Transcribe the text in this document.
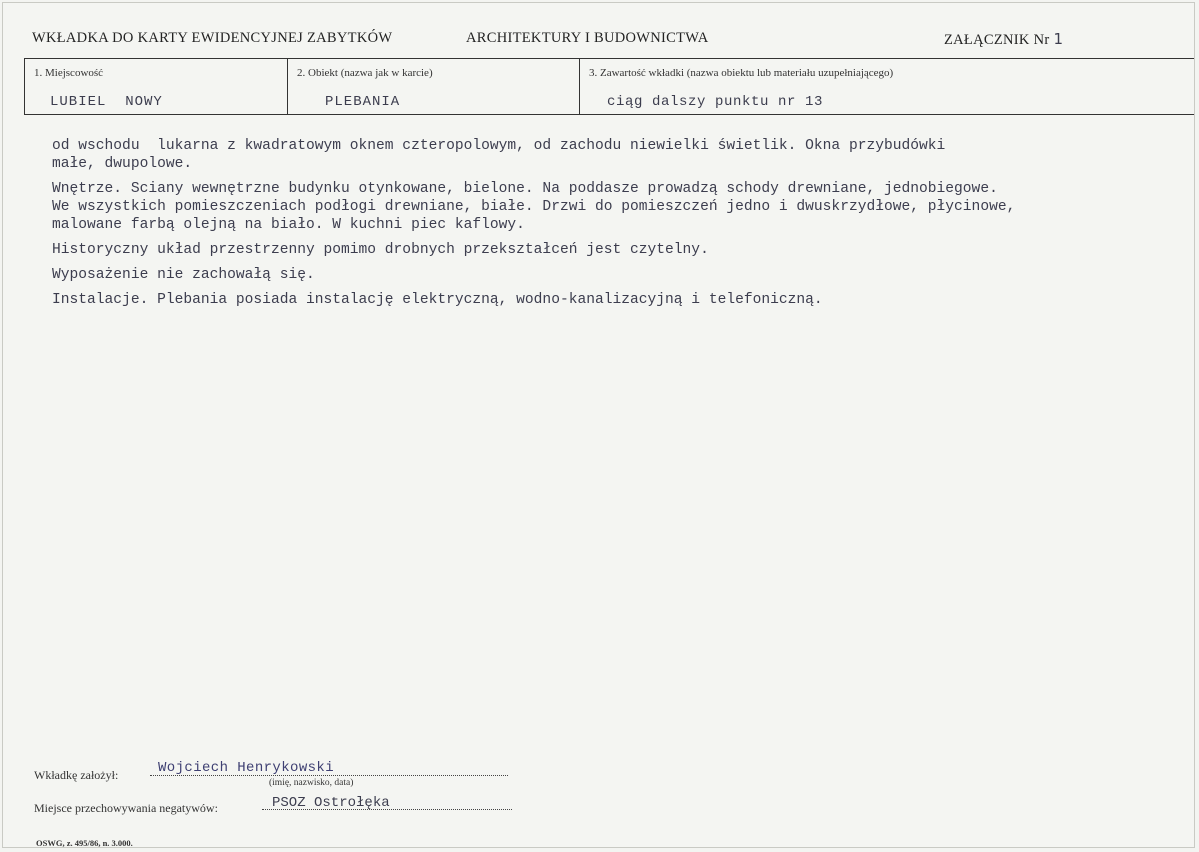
WKŁADKA DO KARTY EWIDENCYJNEJ ZABYTKÓW	ARCHITEKTURY I BUDOWNICTWA	ZAŁĄCZNIK Nr 1
1. Miejscowość	2. Obiekt (nazwa jak w karcie)	3. Zawartość wkładki (nazwa obiektu lub materiału uzupełniającego)
LUBIEL  NOWY	PLEBANIA	ciąg dalszy punktu nr 13

od wschodu  lukarna z kwadratowym oknem czteropolowym, od zachodu niewielki świetlik. Okna przybudówki
małe, dwupolowe.

Wnętrze. Sciany wewnętrzne budynku otynkowane, bielone. Na poddasze prowadzą schody drewniane, jednobiegowe.
We wszystkich pomieszczeniach podłogi drewniane, białe. Drzwi do pomieszczeń jedno i dwuskrzydłowe, płycinowe,
malowane farbą olejną na biało. W kuchni piec kaflowy.

Historyczny układ przestrzenny pomimo drobnych przekształceń jest czytelny.

Wyposażenie nie zachowałą się.

Instalacje. Plebania posiada instalację elektryczną, wodno-kanalizacyjną i telefoniczną.

Wkładkę założył:	Wojciech Henrykowski
(imię, nazwisko, data)
Miejsce przechowywania negatywów:	PSOZ Ostrołęka
OSWG, z. 495/86, n. 3.000.
